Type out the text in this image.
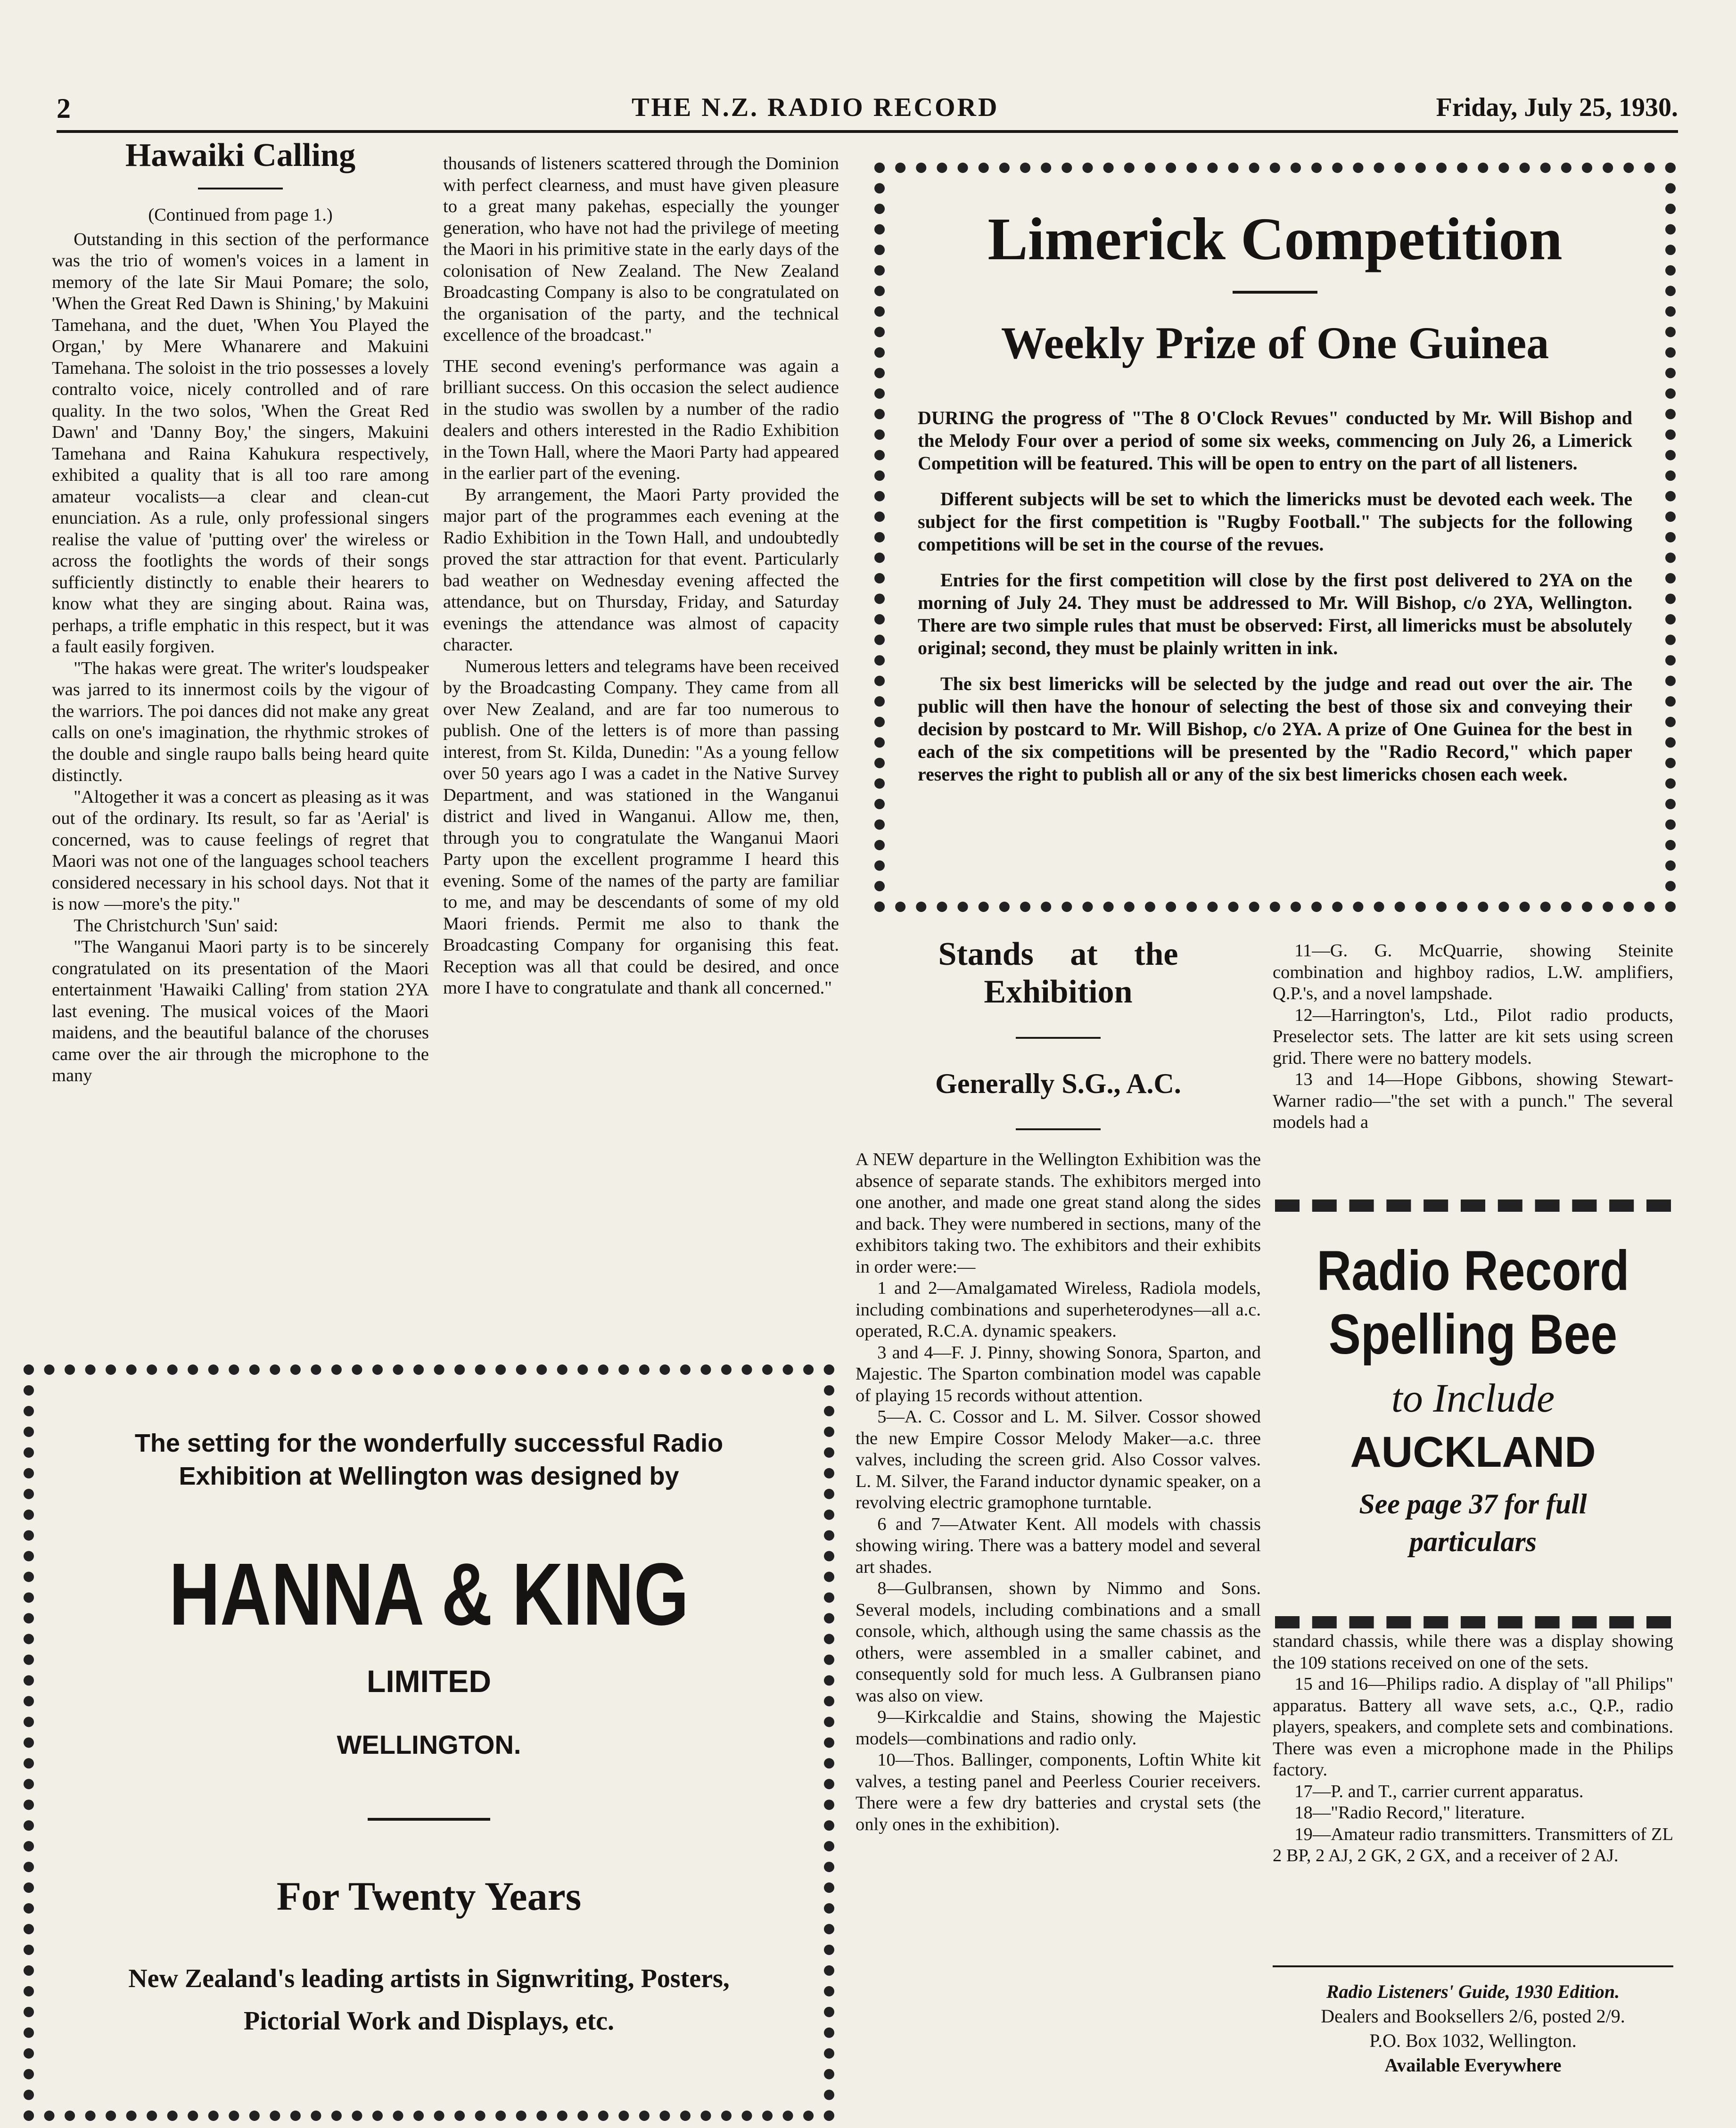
2	THE N.Z. RADIO RECORD	Friday, July 25, 1930.
Hawaiki Calling
(Continued from page 1.)

Outstanding in this section of the performance was the trio of women's voices in a lament in memory of the late Sir Maui Pomare; the solo, 'When the Great Red Dawn is Shining,' by Makuini Tamehana, and the duet, 'When You Played the Organ,' by Mere Whanarere and Makuini Tamehana. The soloist in the trio possesses a lovely contralto voice, nicely controlled and of rare quality. In the two solos, 'When the Great Red Dawn' and 'Danny Boy,' the singers, Makuini Tamehana and Raina Kahukura respectively, exhibited a quality that is all too rare among amateur vocalists—a clear and clean-cut enunciation. As a rule, only professional singers realise the value of 'putting over' the wireless or across the footlights the words of their songs sufficiently distinctly to enable their hearers to know what they are singing about. Raina was, perhaps, a trifle emphatic in this respect, but it was a fault easily forgiven.

"The hakas were great. The writer's loudspeaker was jarred to its innermost coils by the vigour of the warriors. The poi dances did not make any great calls on one's imagination, the rhythmic strokes of the double and single raupo balls being heard quite distinctly.

"Altogether it was a concert as pleasing as it was out of the ordinary. Its result, so far as 'Aerial' is concerned, was to cause feelings of regret that Maori was not one of the languages school teachers considered necessary in his school days. Not that it is now —more's the pity."

The Christchurch 'Sun' said:

"The Wanganui Maori party is to be sincerely congratulated on its presentation of the Maori entertainment 'Hawaiki Calling' from station 2YA last evening. The musical voices of the Maori maidens, and the beautiful balance of the choruses came over the air through the microphone to the many

thousands of listeners scattered through the Dominion with perfect clearness, and must have given pleasure to a great many pakehas, especially the younger generation, who have not had the privilege of meeting the Maori in his primitive state in the early days of the colonisation of New Zealand. The New Zealand Broadcasting Company is also to be congratulated on the organisation of the party, and the technical excellence of the broadcast."

THE second evening's performance was again a brilliant success. On this occasion the select audience in the studio was swollen by a number of the radio dealers and others interested in the Radio Exhibition in the Town Hall, where the Maori Party had appeared in the earlier part of the evening.

By arrangement, the Maori Party provided the major part of the programmes each evening at the Radio Exhibition in the Town Hall, and undoubtedly proved the star attraction for that event. Particularly bad weather on Wednesday evening affected the attendance, but on Thursday, Friday, and Saturday evenings the attendance was almost of capacity character.

Numerous letters and telegrams have been received by the Broadcasting Company. They came from all over New Zealand, and are far too numerous to publish. One of the letters is of more than passing interest, from St. Kilda, Dunedin: "As a young fellow over 50 years ago I was a cadet in the Native Survey Department, and was stationed in the Wanganui district and lived in Wanganui. Allow me, then, through you to congratulate the Wanganui Maori Party upon the excellent programme I heard this evening. Some of the names of the party are familiar to me, and may be descendants of some of my old Maori friends. Permit me also to thank the Broadcasting Company for organising this feat. Reception was all that could be desired, and once more I have to congratulate and thank all concerned."

Limerick Competition
Weekly Prize of One Guinea

DURING the progress of "The 8 O'Clock Revues" conducted by Mr. Will Bishop and the Melody Four over a period of some six weeks, commencing on July 26, a Limerick Competition will be featured. This will be open to entry on the part of all listeners.

Different subjects will be set to which the limericks must be devoted each week. The subject for the first competition is "Rugby Football." The subjects for the following competitions will be set in the course of the revues.

Entries for the first competition will close by the first post delivered to 2YA on the morning of July 24. They must be addressed to Mr. Will Bishop, c/o 2YA, Wellington. There are two simple rules that must be observed: First, all limericks must be absolutely original; second, they must be plainly written in ink.

The six best limericks will be selected by the judge and read out over the air. The public will then have the honour of selecting the best of those six and conveying their decision by postcard to Mr. Will Bishop, c/o 2YA. A prize of One Guinea for the best in each of the six competitions will be presented by the "Radio Record," which paper reserves the right to publish all or any of the six best limericks chosen each week.

The setting for the wonderfully successful Radio
Exhibition at Wellington was designed by
HANNA & KING
LIMITED
WELLINGTON.
For Twenty Years
New Zealand's leading artists in Signwriting, Posters,
Pictorial Work and Displays, etc.
Stands at the
Exhibition
Generally S.G., A.C.

A NEW departure in the Wellington Exhibition was the absence of separate stands. The exhibitors merged into one another, and made one great stand along the sides and back. They were numbered in sections, many of the exhibitors taking two. The exhibitors and their exhibits in order were:—

1 and 2—Amalgamated Wireless, Radiola models, including combinations and superheterodynes—all a.c. operated, R.C.A. dynamic speakers.

3 and 4—F. J. Pinny, showing Sonora, Sparton, and Majestic. The Sparton combination model was capable of playing 15 records without attention.

5—A. C. Cossor and L. M. Silver. Cossor showed the new Empire Cossor Melody Maker—a.c. three valves, including the screen grid. Also Cossor valves. L. M. Silver, the Farand inductor dynamic speaker, on a revolving electric gramophone turntable.

6 and 7—Atwater Kent. All models with chassis showing wiring. There was a battery model and several art shades.

8—Gulbransen, shown by Nimmo and Sons. Several models, including combinations and a small console, which, although using the same chassis as the others, were assembled in a smaller cabinet, and consequently sold for much less. A Gulbransen piano was also on view.

9—Kirkcaldie and Stains, showing the Majestic models—combinations and radio only.

10—Thos. Ballinger, components, Loftin White kit valves, a testing panel and Peerless Courier receivers. There were a few dry batteries and crystal sets (the only ones in the exhibition).

11—G. G. McQuarrie, showing Steinite combination and highboy radios, L.W. amplifiers, Q.P.'s, and a novel lampshade.

12—Harrington's, Ltd., Pilot radio products, Preselector sets. The latter are kit sets using screen grid. There were no battery models.

13 and 14—Hope Gibbons, showing Stewart-Warner radio—"the set with a punch." The several models had a

Radio Record
Spelling Bee
to Include
AUCKLAND
See page 37 for full
particulars

standard chassis, while there was a display showing the 109 stations received on one of the sets.

15 and 16—Philips radio. A display of "all Philips" apparatus. Battery all wave sets, a.c., Q.P., radio players, speakers, and complete sets and combinations. There was even a microphone made in the Philips factory.

17—P. and T., carrier current apparatus.

18—"Radio Record," literature.

19—Amateur radio transmitters. Transmitters of ZL 2 BP, 2 AJ, 2 GK, 2 GX, and a receiver of 2 AJ.

Radio Listeners' Guide, 1930 Edition.
Dealers and Booksellers 2/6, posted 2/9.
P.O. Box 1032, Wellington.
Available Everywhere
